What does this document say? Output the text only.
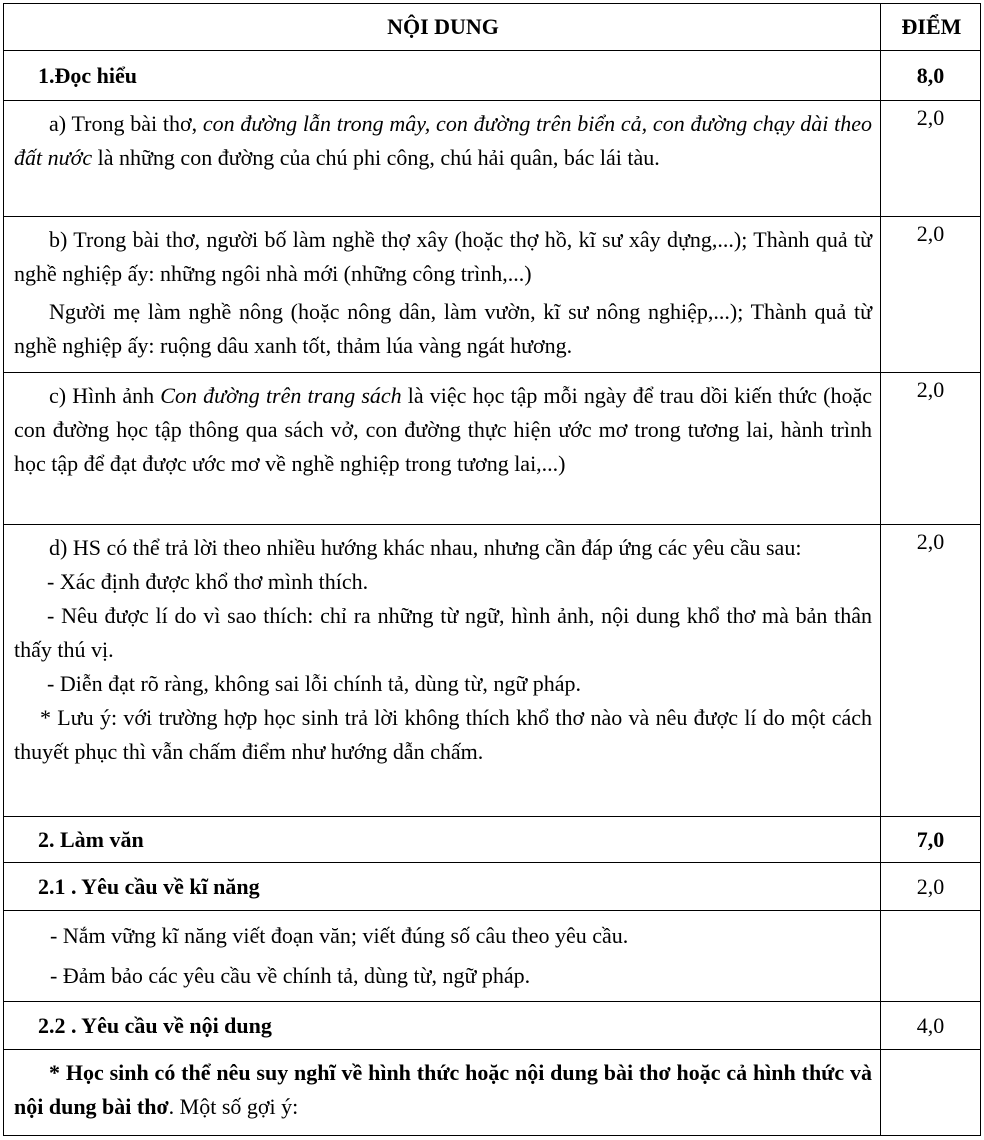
NỘI DUNG	ĐIỂM
1.Đọc hiểu	8,0

a) Trong bài thơ, con đường lẫn trong mây, con đường trên biển cả, con đường chạy dài theo đất nước là những con đường của chú phi công, chú hải quân, bác lái tàu.	2,0

b) Trong bài thơ, người bố làm nghề thợ xây (hoặc thợ hồ, kĩ sư xây dựng,...); Thành quả từ nghề nghiệp ấy: những ngôi nhà mới (những công trình,...)

Người mẹ làm nghề nông (hoặc nông dân, làm vườn, kĩ sư nông nghiệp,...); Thành quả từ nghề nghiệp ấy: ruộng dâu xanh tốt, thảm lúa vàng ngát hương.	2,0

c) Hình ảnh Con đường trên trang sách là việc học tập mỗi ngày để trau dồi kiến thức (hoặc con đường học tập thông qua sách vở, con đường thực hiện ước mơ trong tương lai, hành trình học tập để đạt được ước mơ về nghề nghiệp trong tương lai,...)	2,0

d) HS có thể trả lời theo nhiều hướng khác nhau, nhưng cần đáp ứng các yêu cầu sau:

- Xác định được khổ thơ mình thích.

- Nêu được lí do vì sao thích: chỉ ra những từ ngữ, hình ảnh, nội dung khổ thơ mà bản thân thấy thú vị.

- Diễn đạt rõ ràng, không sai lỗi chính tả, dùng từ, ngữ pháp.

* Lưu ý: với trường hợp học sinh trả lời không thích khổ thơ nào và nêu được lí do một cách thuyết phục thì vẫn chấm điểm như hướng dẫn chấm.	2,0
2. Làm văn	7,0
2.1 . Yêu cầu về kĩ năng	2,0

- Nắm vững kĩ năng viết đoạn văn; viết đúng số câu theo yêu cầu.

- Đảm bảo các yêu cầu về chính tả, dùng từ, ngữ pháp.	

2.2 . Yêu cầu về nội dung	4,0

* Học sinh có thể nêu suy nghĩ về hình thức hoặc nội dung bài thơ hoặc cả hình thức và nội dung bài thơ. Một số gợi ý:	
